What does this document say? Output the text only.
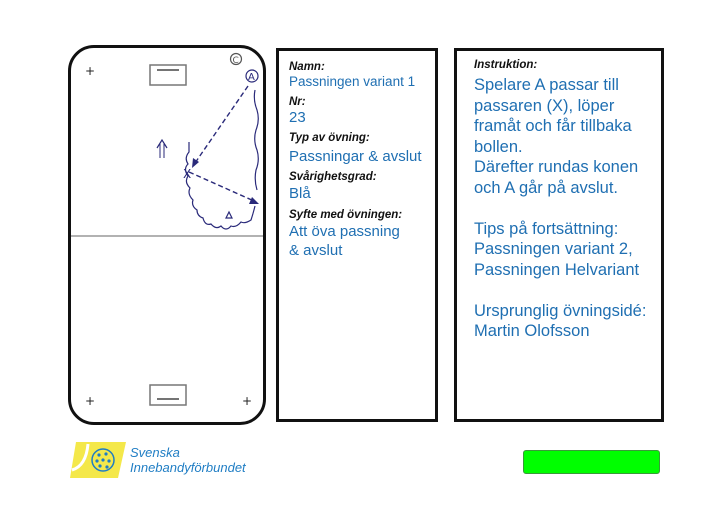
+
+	+
C
A
X
Namn:
Passningen variant 1
Nr:
23
Typ av övning:
Passningar & avslut
Svårighetsgrad:
Blå
Syfte med övningen:
Att öva passning
& avslut
Instruktion:
Spelare A passar till
passaren (X), löper
framåt och får tillbaka
bollen.
Därefter rundas konen
och A går på avslut.

Tips på fortsättning:
Passningen variant 2,
Passningen Helvariant

Ursprunglig övningsidé:
Martin Olofsson
Svenska
Innebandyförbundet
